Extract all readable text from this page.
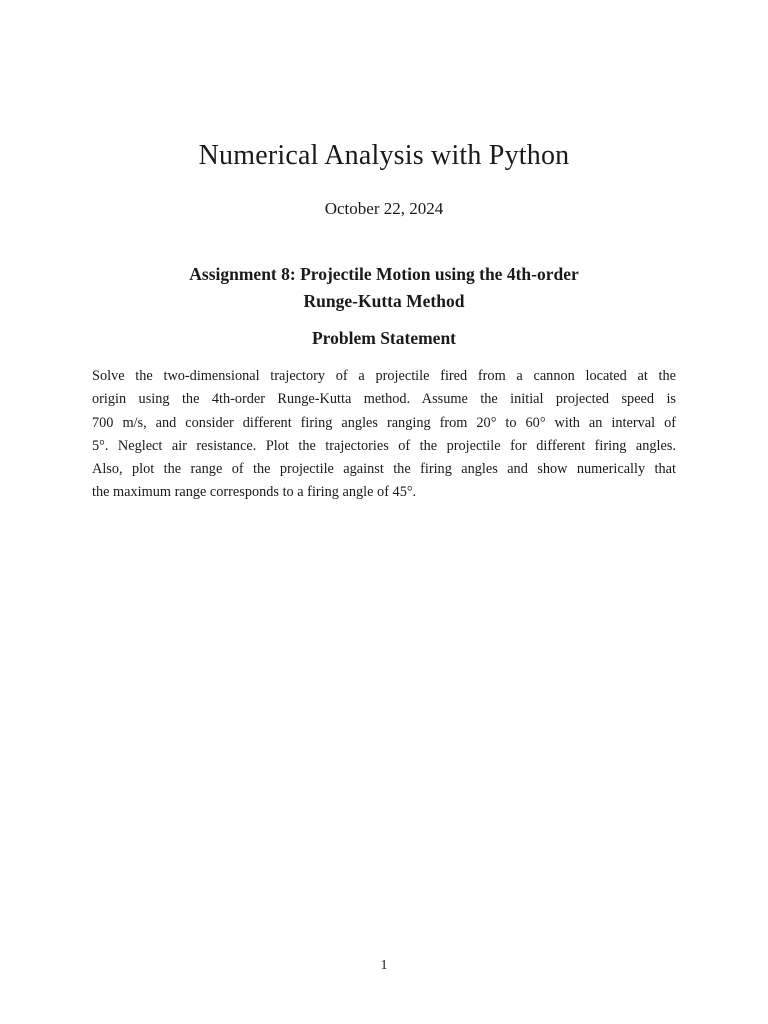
Numerical Analysis with Python

October 22, 2024

Assignment 8: Projectile Motion using the 4th-order
Runge-Kutta Method
Problem Statement
Solve the two-dimensional trajectory of a projectile fired from a cannon located at the
origin using the 4th-order Runge-Kutta method. Assume the initial projected speed is
700 m/s, and consider different firing angles ranging from 20° to 60° with an interval of
5°. Neglect air resistance. Plot the trajectories of the projectile for different firing angles.
Also, plot the range of the projectile against the firing angles and show numerically that
the maximum range corresponds to a firing angle of 45°.

1
